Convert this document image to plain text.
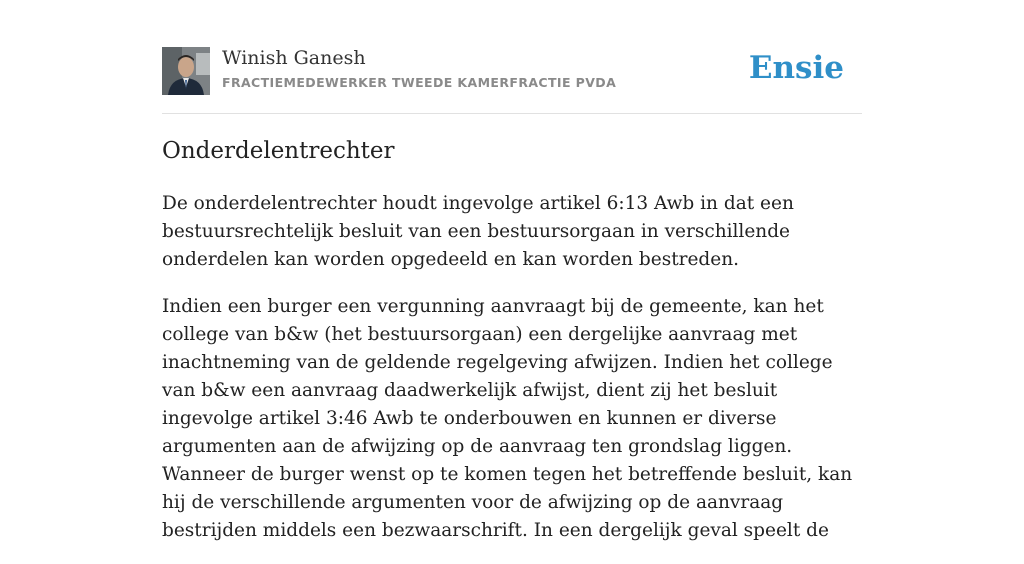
Winish Ganesh
FRACTIEMEDEWERKER TWEEDE KAMERFRACTIE PVDA	Ensie
Onderdelentrechter

De onderdelentrechter houdt ingevolge artikel 6:13 Awb in dat een bestuursrechtelijk besluit van een bestuursorgaan in verschillende onderdelen kan worden opgedeeld en kan worden bestreden.

Indien een burger een vergunning aanvraagt bij de gemeente, kan het college van b&w (het bestuursorgaan) een dergelijke aanvraag met inachtneming van de geldende regelgeving afwijzen. Indien het college van b&w een aanvraag daadwerkelijk afwijst, dient zij het besluit ingevolge artikel 3:46 Awb te onderbouwen en kunnen er diverse argumenten aan de afwijzing op de aanvraag ten grondslag liggen. Wanneer de burger wenst op te komen tegen het betreffende besluit, kan hij de verschillende argumenten voor de afwijzing op de aanvraag bestrijden middels een bezwaarschrift. In een dergelijk geval speelt de
